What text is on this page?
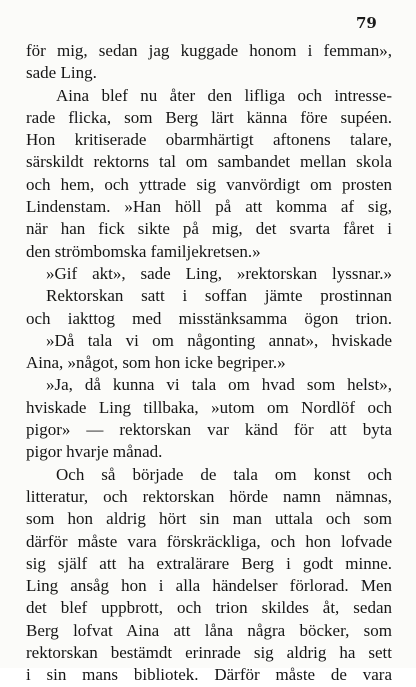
79
för mig, sedan jag kuggade honom i femman»,
sade Ling.
Aina blef nu åter den lifliga och intresse-
rade flicka, som Berg lärt känna före supéen.
Hon kritiserade obarmhärtigt aftonens talare,
särskildt rektorns tal om sambandet mellan skola
och hem, och yttrade sig vanvördigt om prosten
Lindenstam. »Han höll på att komma af sig,
när han fick sikte på mig, det svarta fåret i
den strömbomska familjekretsen.»
»Gif akt», sade Ling, »rektorskan lyssnar.»
Rektorskan satt i soffan jämte prostinnan
och iakttog med misstänksamma ögon trion.
»Då tala vi om någonting annat», hviskade
Aina, »något, som hon icke begriper.»
»Ja, då kunna vi tala om hvad som helst»,
hviskade Ling tillbaka, »utom om Nordlöf och
pigor» — rektorskan var känd för att byta
pigor hvarje månad.
Och så började de tala om konst och
litteratur, och rektorskan hörde namn nämnas,
som hon aldrig hört sin man uttala och som
därför måste vara förskräckliga, och hon lofvade
sig själf att ha extralärare Berg i godt minne.
Ling ansåg hon i alla händelser förlorad. Men
det blef uppbrott, och trion skildes åt, sedan
Berg lofvat Aina att låna några böcker, som
rektorskan bestämdt erinrade sig aldrig ha sett
i sin mans bibliotek. Därför måste de vara
